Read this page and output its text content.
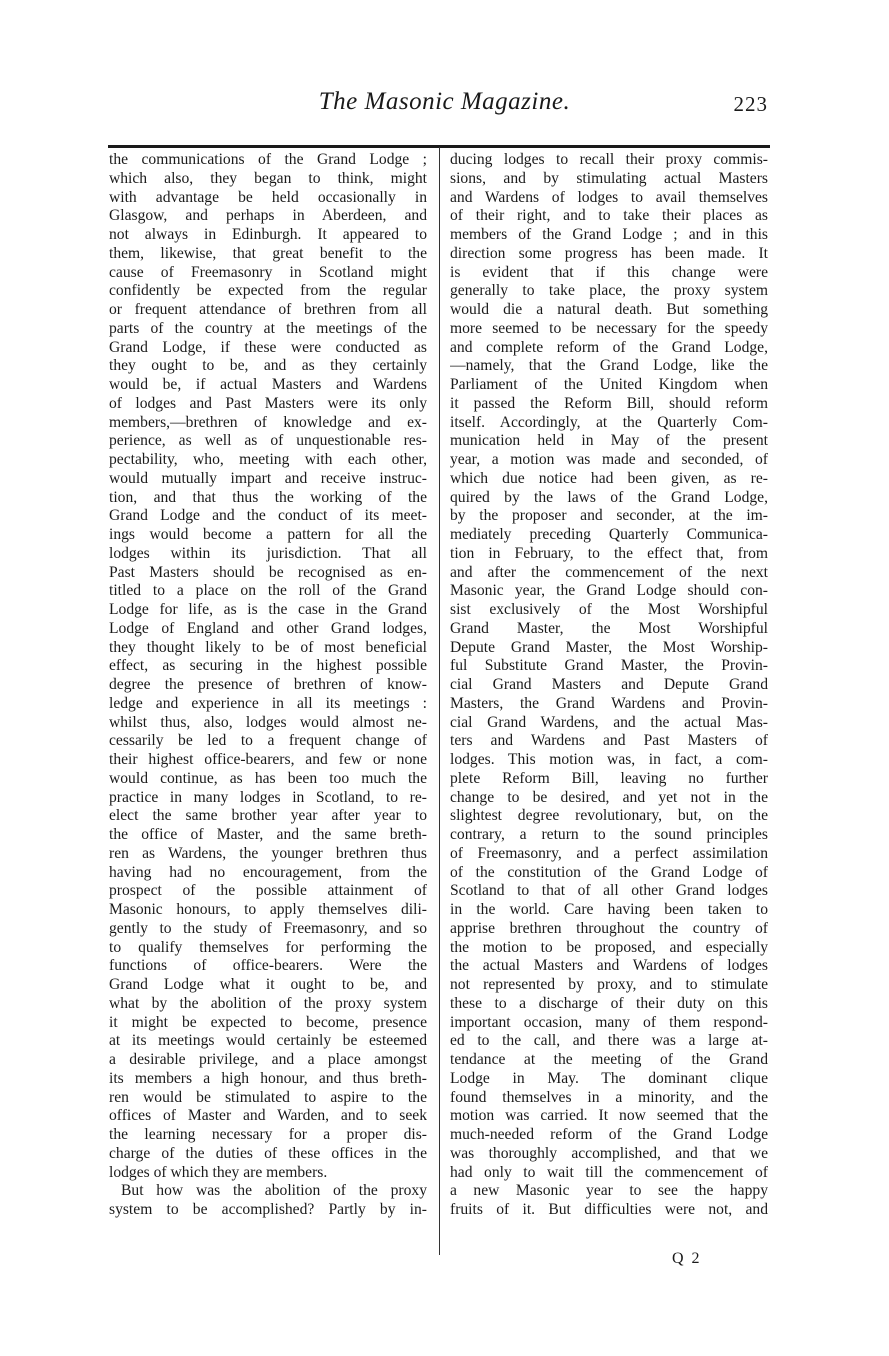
The Masonic Magazine.	223
the communications of the Grand Lodge ;
which also, they began to think, might
with advantage be held occasionally in
Glasgow, and perhaps in Aberdeen, and
not always in Edinburgh. It appeared to
them, likewise, that great benefit to the
cause of Freemasonry in Scotland might
confidently be expected from the regular
or frequent attendance of brethren from all
parts of the country at the meetings of the
Grand Lodge, if these were conducted as
they ought to be, and as they certainly
would be, if actual Masters and Wardens
of lodges and Past Masters were its only
members,—brethren of knowledge and ex-
perience, as well as of unquestionable res-
pectability, who, meeting with each other,
would mutually impart and receive instruc-
tion, and that thus the working of the
Grand Lodge and the conduct of its meet-
ings would become a pattern for all the
lodges within its jurisdiction. That all
Past Masters should be recognised as en-
titled to a place on the roll of the Grand
Lodge for life, as is the case in the Grand
Lodge of England and other Grand lodges,
they thought likely to be of most beneficial
effect, as securing in the highest possible
degree the presence of brethren of know-
ledge and experience in all its meetings :
whilst thus, also, lodges would almost ne-
cessarily be led to a frequent change of
their highest office-bearers, and few or none
would continue, as has been too much the
practice in many lodges in Scotland, to re-
elect the same brother year after year to
the office of Master, and the same breth-
ren as Wardens, the younger brethren thus
having had no encouragement, from the
prospect of the possible attainment of
Masonic honours, to apply themselves dili-
gently to the study of Freemasonry, and so
to qualify themselves for performing the
functions of office-bearers. Were the
Grand Lodge what it ought to be, and
what by the abolition of the proxy system
it might be expected to become, presence
at its meetings would certainly be esteemed
a desirable privilege, and a place amongst
its members a high honour, and thus breth-
ren would be stimulated to aspire to the
offices of Master and Warden, and to seek
the learning necessary for a proper dis-
charge of the duties of these offices in the
lodges of which they are members.
But how was the abolition of the proxy
system to be accomplished? Partly by in-
ducing lodges to recall their proxy commis-
sions, and by stimulating actual Masters
and Wardens of lodges to avail themselves
of their right, and to take their places as
members of the Grand Lodge ; and in this
direction some progress has been made. It
is evident that if this change were
generally to take place, the proxy system
would die a natural death. But something
more seemed to be necessary for the speedy
and complete reform of the Grand Lodge,
—namely, that the Grand Lodge, like the
Parliament of the United Kingdom when
it passed the Reform Bill, should reform
itself. Accordingly, at the Quarterly Com-
munication held in May of the present
year, a motion was made and seconded, of
which due notice had been given, as re-
quired by the laws of the Grand Lodge,
by the proposer and seconder, at the im-
mediately preceding Quarterly Communica-
tion in February, to the effect that, from
and after the commencement of the next
Masonic year, the Grand Lodge should con-
sist exclusively of the Most Worshipful
Grand Master, the Most Worshipful
Depute Grand Master, the Most Worship-
ful Substitute Grand Master, the Provin-
cial Grand Masters and Depute Grand
Masters, the Grand Wardens and Provin-
cial Grand Wardens, and the actual Mas-
ters and Wardens and Past Masters of
lodges. This motion was, in fact, a com-
plete Reform Bill, leaving no further
change to be desired, and yet not in the
slightest degree revolutionary, but, on the
contrary, a return to the sound principles
of Freemasonry, and a perfect assimilation
of the constitution of the Grand Lodge of
Scotland to that of all other Grand lodges
in the world. Care having been taken to
apprise brethren throughout the country of
the motion to be proposed, and especially
the actual Masters and Wardens of lodges
not represented by proxy, and to stimulate
these to a discharge of their duty on this
important occasion, many of them respond-
ed to the call, and there was a large at-
tendance at the meeting of the Grand
Lodge in May. The dominant clique
found themselves in a minority, and the
motion was carried. It now seemed that the
much-needed reform of the Grand Lodge
was thoroughly accomplished, and that we
had only to wait till the commencement of
a new Masonic year to see the happy
fruits of it. But difficulties were not, and
Q 2
